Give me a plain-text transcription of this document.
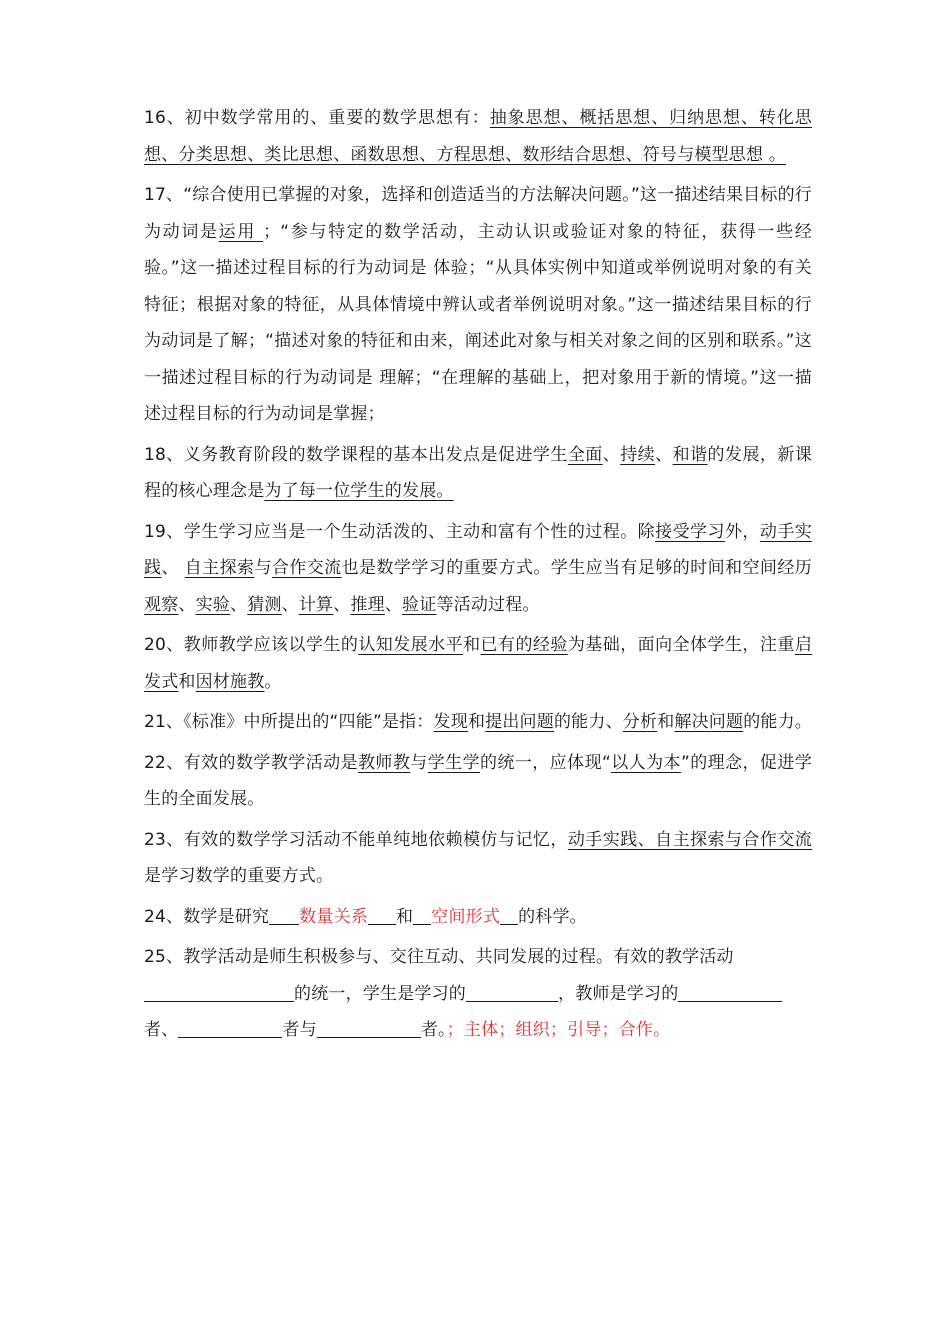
16、初中数学常用的、重要的数学思想有：抽象思想、概括思想、归纳思想、转化思想、分类思想、类比思想、函数思想、方程思想、数形结合思想、符号与模型思想 。

17、“综合使用已掌握的对象，选择和创造适当的方法解决问题。”这一描述结果目标的行为动词是运用 ；“参与特定的数学活动，主动认识或验证对象的特征，获得一些经验。”这一描述过程目标的行为动词是 体验；“从具体实例中知道或举例说明对象的有关特征；根据对象的特征，从具体情境中辨认或者举例说明对象。”这一描述结果目标的行为动词是了解；“描述对象的特征和由来，阐述此对象与相关对象之间的区别和联系。”这一描述过程目标的行为动词是 理解；“在理解的基础上，把对象用于新的情境。”这一描述过程目标的行为动词是掌握；

18、义务教育阶段的数学课程的基本出发点是促进学生全面、持续、和谐的发展，新课程的核心理念是为了每一位学生的发展。

19、学生学习应当是一个生动活泼的、主动和富有个性的过程。除接受学习外，动手实践、 自主探索与合作交流也是数学学习的重要方式。学生应当有足够的时间和空间经历观察、实验、猜测、计算、推理、验证等活动过程。

20、教师教学应该以学生的认知发展水平和已有的经验为基础，面向全体学生，注重启发式和因材施教。

21、《标准》中所提出的“四能”是指：发现和提出问题的能力、分析和解决问题的能力。

22、有效的数学教学活动是教师教与学生学的统一，应体现“以人为本”的理念，促进学生的全面发展。

23、有效的数学学习活动不能单纯地依赖模仿与记忆，动手实践、自主探索与合作交流是学习数学的重要方式。

24、数学是研究 数量关系 和 空间形式 的科学。

25、教学活动是师生积极参与、交往互动、共同发展的过程。有效的教学活动
的统一，学生是学习的	，教师是学习的
者、	者与	者。；主体；组织；引导；合作。
